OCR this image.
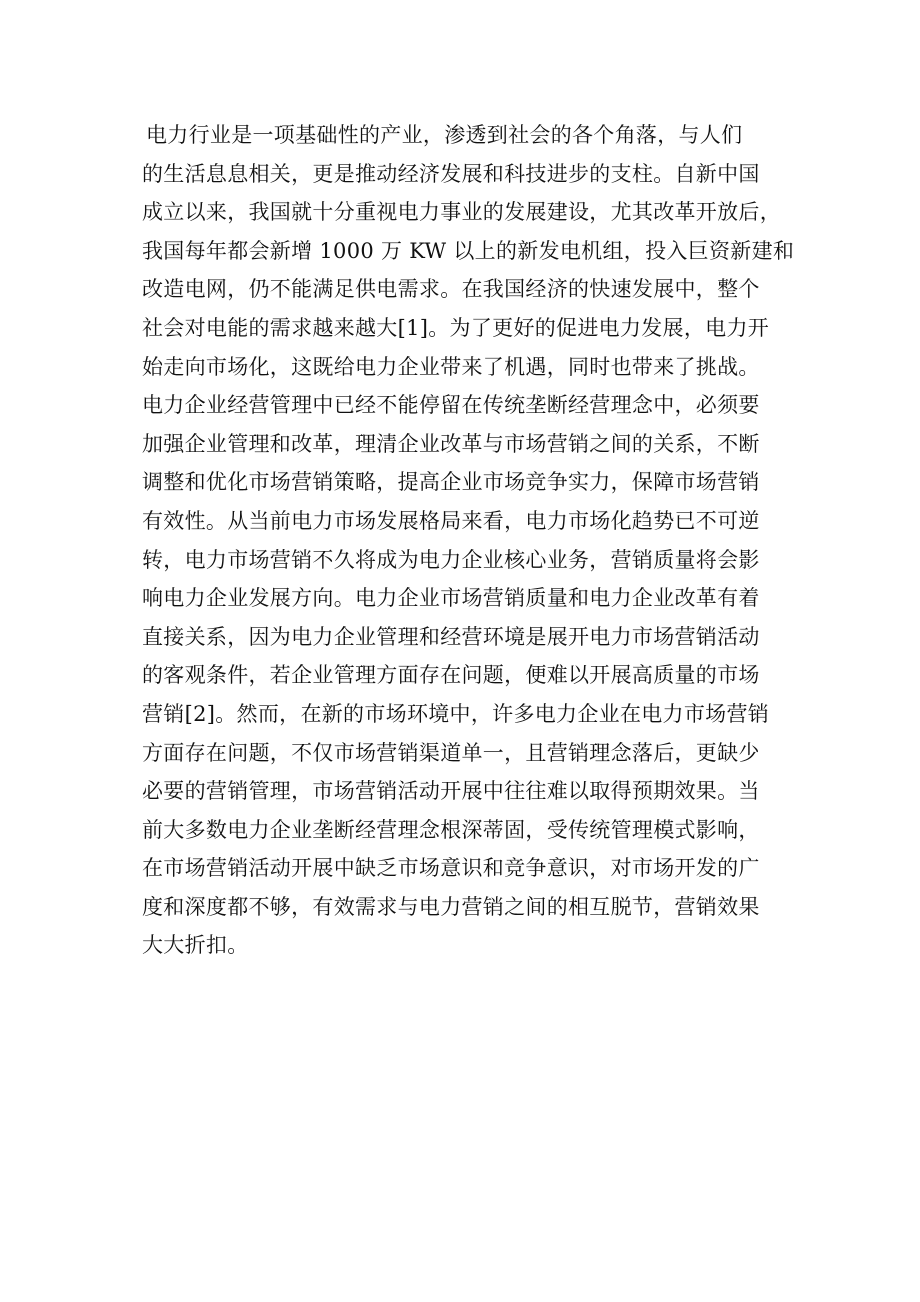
电力行业是一项基础性的产业，渗透到社会的各个角落，与人们
的生活息息相关，更是推动经济发展和科技进步的支柱。自新中国
成立以来，我国就十分重视电力事业的发展建设，尤其改革开放后，
我国每年都会新增 1000 万 KW 以上的新发电机组，投入巨资新建和
改造电网，仍不能满足供电需求。在我国经济的快速发展中，整个
社会对电能的需求越来越大[1]。为了更好的促进电力发展，电力开
始走向市场化，这既给电力企业带来了机遇，同时也带来了挑战。
电力企业经营管理中已经不能停留在传统垄断经营理念中，必须要
加强企业管理和改革，理清企业改革与市场营销之间的关系，不断
调整和优化市场营销策略，提高企业市场竞争实力，保障市场营销
有效性。从当前电力市场发展格局来看，电力市场化趋势已不可逆
转，电力市场营销不久将成为电力企业核心业务，营销质量将会影
响电力企业发展方向。电力企业市场营销质量和电力企业改革有着
直接关系，因为电力企业管理和经营环境是展开电力市场营销活动
的客观条件，若企业管理方面存在问题，便难以开展高质量的市场
营销[2]。然而，在新的市场环境中，许多电力企业在电力市场营销
方面存在问题，不仅市场营销渠道单一，且营销理念落后，更缺少
必要的营销管理，市场营销活动开展中往往难以取得预期效果。当
前大多数电力企业垄断经营理念根深蒂固，受传统管理模式影响，
在市场营销活动开展中缺乏市场意识和竞争意识，对市场开发的广
度和深度都不够，有效需求与电力营销之间的相互脱节，营销效果
大大折扣。
